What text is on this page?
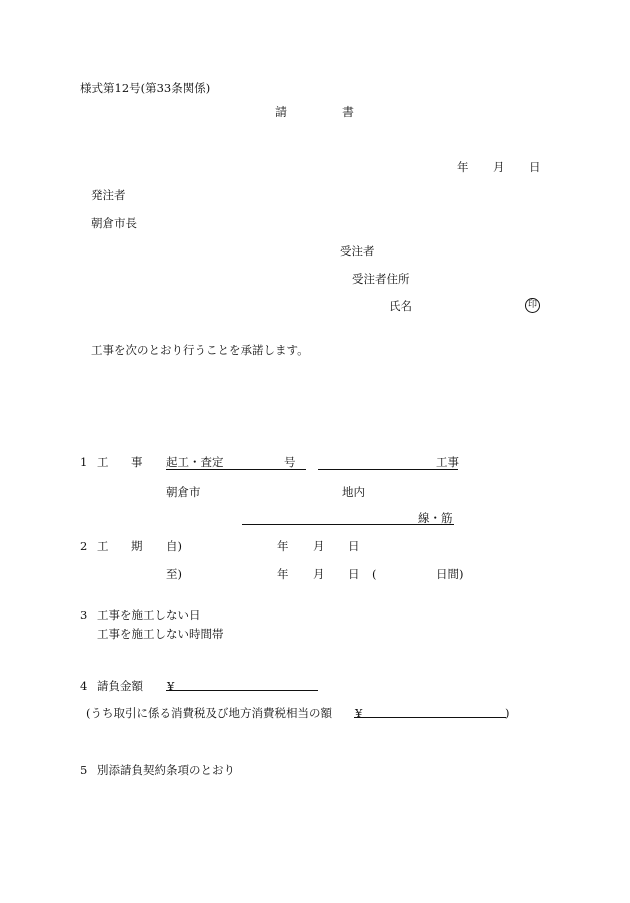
様式第12号(第33条関係)
請	書
年 月 日
発注者
朝倉市長
受注者
受注者住所
氏名	印
工事を次のとおり行うことを承諾します。
1 工 事 起工・査定	号	工事
朝倉市	地内
線・筋
2 工 期 自)	年 月 日
至)	年 月 日 (	日間)
3 工事を施工しない日
工事を施工しない時間帯
4 請負金額 ¥
(うち取引に係る消費税及び地方消費税相当の額 ¥	)
5 別添請負契約条項のとおり
